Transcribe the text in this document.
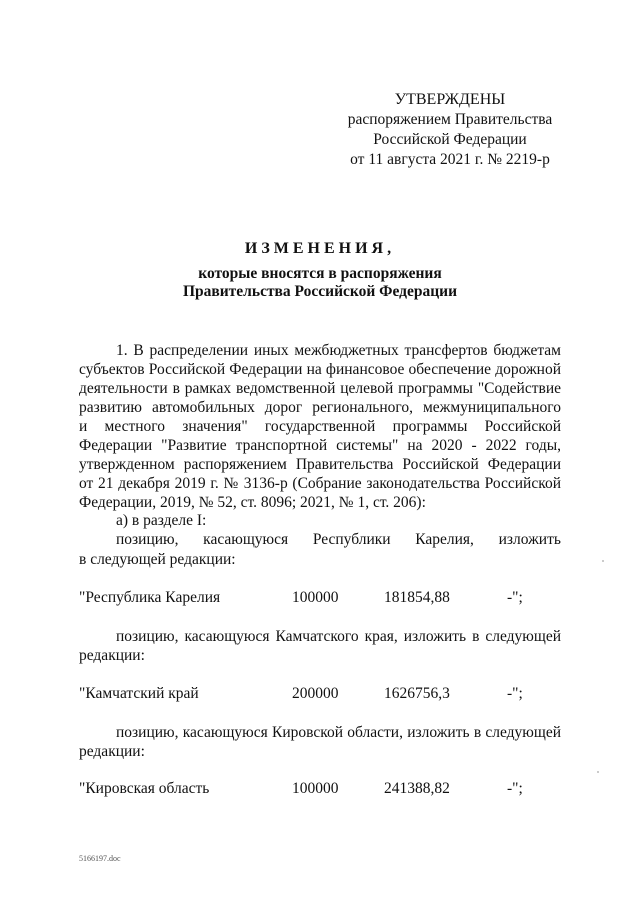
УТВЕРЖДЕНЫ
распоряжением Правительства
Российской Федерации
от 11 августа 2021 г. № 2219-р
ИЗМЕНЕНИЯ,
которые вносятся в распоряжения
Правительства Российской Федерации
1. В распределении иных межбюджетных трансфертов бюджетам
субъектов Российской Федерации на финансовое обеспечение дорожной
деятельности в рамках ведомственной целевой программы "Содействие
развитию автомобильных дорог регионального, межмуниципального
и местного значения" государственной программы Российской
Федерации "Развитие транспортной системы" на 2020 - 2022 годы,
утвержденном распоряжением Правительства Российской Федерации
от 21 декабря 2019 г. № 3136-р (Собрание законодательства Российской
Федерации, 2019, № 52, ст. 8096; 2021, № 1, ст. 206):
а) в разделе I:
позицию, касающуюся Республики Карелия, изложить
в следующей редакции:
"Республика Карелия	100000	181854,88	-";
позицию, касающуюся Камчатского края, изложить в следующей
редакции:
"Камчатский край	200000	1626756,3	-";
позицию, касающуюся Кировской области, изложить в следующей
редакции:
"Кировская область	100000	241388,82	-";
5166197.doc
